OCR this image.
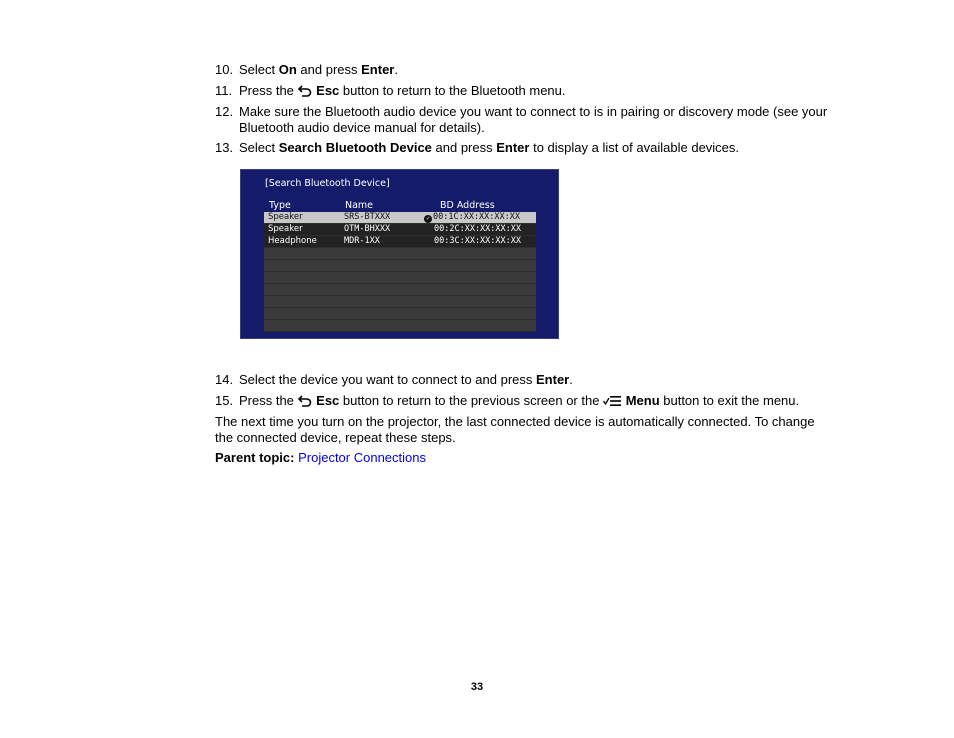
10. Select On and press Enter.
11. Press the  Esc button to return to the Bluetooth menu.
12. Make sure the Bluetooth audio device you want to connect to is in pairing or discovery mode (see your Bluetooth audio device manual for details).
13. Select Search Bluetooth Device and press Enter to display a list of available devices.
[Search Bluetooth Device]
Type	Name	BD Address
Speaker	SRS-BTXXX	✓ 00:1C:XX:XX:XX:XX
Speaker	OTM-BHXXX	00:2C:XX:XX:XX:XX
Headphone	MDR-1XX	00:3C:XX:XX:XX:XX

14. Select the device you want to connect to and press Enter.
15. Press the  Esc button to return to the previous screen or the  Menu button to exit the menu.
The next time you turn on the projector, the last connected device is automatically connected. To change the connected device, repeat these steps.
Parent topic: Projector Connections
33
